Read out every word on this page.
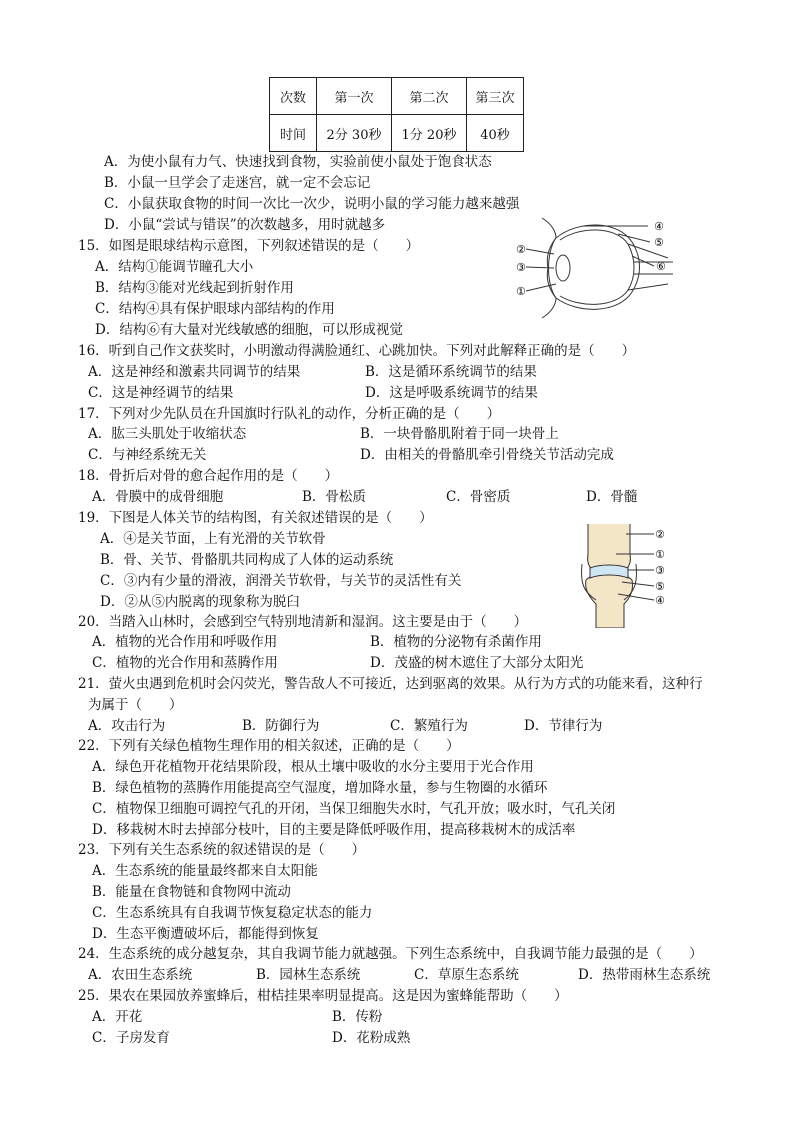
次数	第一次	第二次	第三次
时间	2分 30秒	1分 20秒	40秒
A．为使小鼠有力气、快速找到食物，实验前使小鼠处于饱食状态
B．小鼠一旦学会了走迷宫，就一定不会忘记
C．小鼠获取食物的时间一次比一次少，说明小鼠的学习能力越来越强
D．小鼠“尝试与错误”的次数越多，用时就越多
15．如图是眼球结构示意图，下列叙述错误的是（　　）
A．结构①能调节瞳孔大小
B．结构③能对光线起到折射作用
C．结构④具有保护眼球内部结构的作用
D．结构⑥有大量对光线敏感的细胞，可以形成视觉
②
③
①
④
⑤
⑥
16．听到自己作文获奖时，小明激动得满脸通红、心跳加快。下列对此解释正确的是（　　）
A．这是神经和激素共同调节的结果	B．这是循环系统调节的结果
C．这是神经调节的结果	D．这是呼吸系统调节的结果
17．下列对少先队员在升国旗时行队礼的动作，分析正确的是（　　）
A．肱三头肌处于收缩状态	B．一块骨骼肌附着于同一块骨上
C．与神经系统无关	D．由相关的骨骼肌牵引骨绕关节活动完成
18．骨折后对骨的愈合起作用的是（　　）
A．骨膜中的成骨细胞	B．骨松质	C．骨密质	D．骨髓
19．下图是人体关节的结构图，有关叙述错误的是（　　）
A．④是关节面，上有光滑的关节软骨
B．骨、关节、骨骼肌共同构成了人体的运动系统
C．③内有少量的滑液，润滑关节软骨，与关节的灵活性有关
D．②从⑤内脱离的现象称为脱臼
②
①
③
⑤
④
20．当踏入山林时，会感到空气特别地清新和湿润。这主要是由于（　　）
A．植物的光合作用和呼吸作用	B．植物的分泌物有杀菌作用
C．植物的光合作用和蒸腾作用	D．茂盛的树木遮住了大部分太阳光
21．萤火虫遇到危机时会闪荧光，警告敌人不可接近，达到驱离的效果。从行为方式的功能来看，这种行
为属于（　　）
A．攻击行为	B．防御行为	C．繁殖行为	D．节律行为
22．下列有关绿色植物生理作用的相关叙述，正确的是（　　）
A．绿色开花植物开花结果阶段，根从土壤中吸收的水分主要用于光合作用
B．绿色植物的蒸腾作用能提高空气湿度，增加降水量，参与生物圈的水循环
C．植物保卫细胞可调控气孔的开闭，当保卫细胞失水时，气孔开放；吸水时，气孔关闭
D．移栽树木时去掉部分枝叶，目的主要是降低呼吸作用，提高移栽树木的成活率
23．下列有关生态系统的叙述错误的是（　　）
A．生态系统的能量最终都来自太阳能
B．能量在食物链和食物网中流动
C．生态系统具有自我调节恢复稳定状态的能力
D．生态平衡遭破坏后，都能得到恢复
24．生态系统的成分越复杂，其自我调节能力就越强。下列生态系统中，自我调节能力最强的是（　　）
A．农田生态系统	B．园林生态系统	C．草原生态系统	D．热带雨林生态系统
25．果农在果园放养蜜蜂后，柑桔挂果率明显提高。这是因为蜜蜂能帮助（　　）
A．开花	B．传粉
C．子房发育	D．花粉成熟
